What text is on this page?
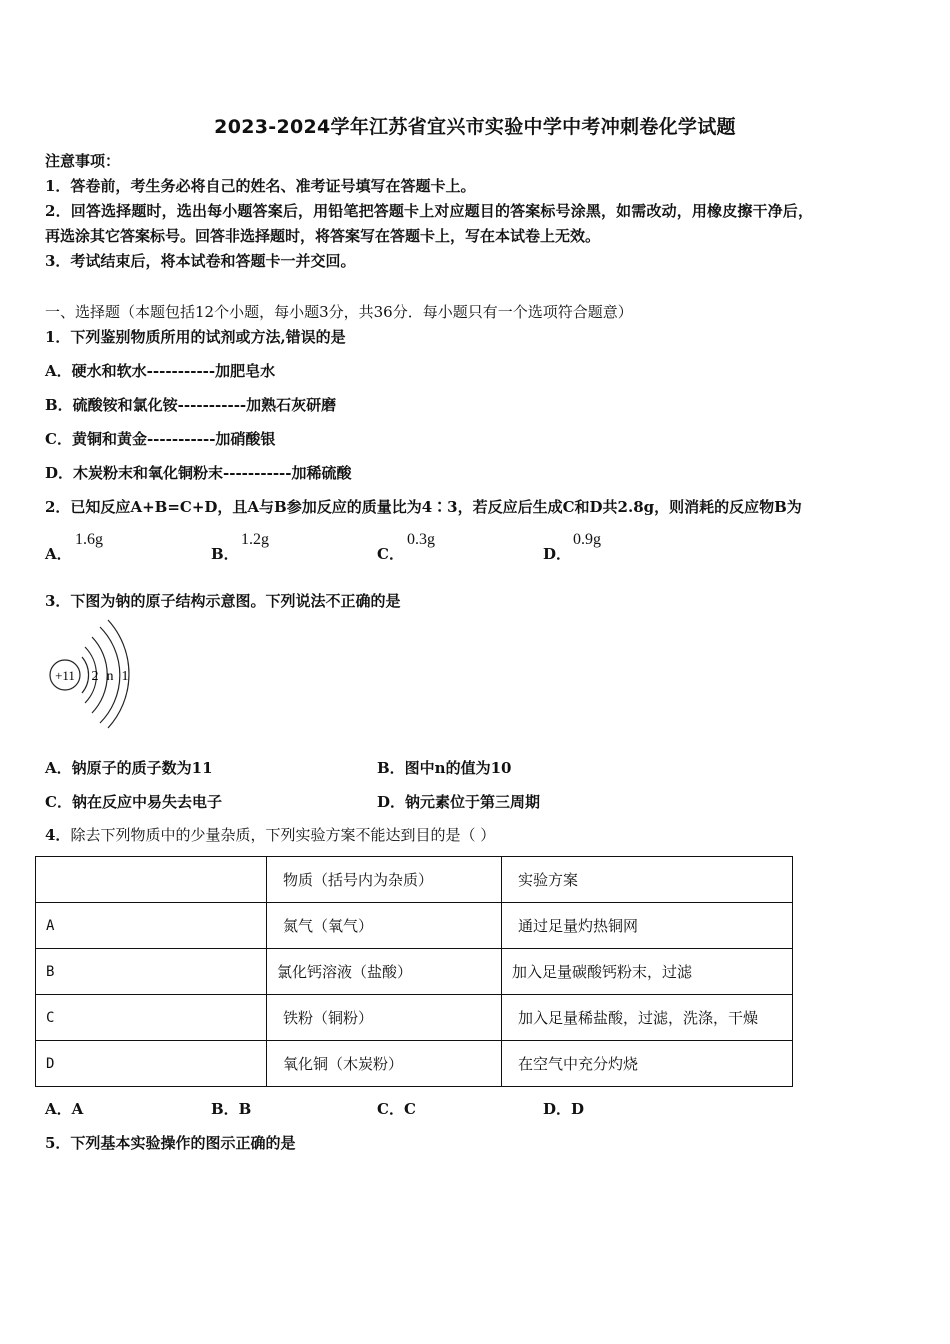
2023-2024学年江苏省宜兴市实验中学中考冲刺卷化学试题
注意事项：
1．答卷前，考生务必将自己的姓名、准考证号填写在答题卡上。
2．回答选择题时，选出每小题答案后，用铅笔把答题卡上对应题目的答案标号涂黑，如需改动，用橡皮擦干净后，
再选涂其它答案标号。回答非选择题时，将答案写在答题卡上，写在本试卷上无效。
3．考试结束后，将本试卷和答题卡一并交回。
一、选择题（本题包括12个小题，每小题3分，共36分．每小题只有一个选项符合题意）
1．下列鉴别物质所用的试剂或方法,错误的是
A．硬水和软水-----------加肥皂水
B．硫酸铵和氯化铵-----------加熟石灰研磨
C．黄铜和黄金-----------加硝酸银
D．木炭粉末和氧化铜粉末-----------加稀硫酸
2．已知反应A+B=C+D，且A与B参加反应的质量比为4∶3，若反应后生成C和D共2.8g，则消耗的反应物B为
A．
1.6g
B．
1.2g
C．
0.3g
D．
0.9g
3．下图为钠的原子结构示意图。下列说法不正确的是
+11 2 n 1
A．钠原子的质子数为11	B．图中n的值为10
C．钠在反应中易失去电子	D．钠元素位于第三周期
4．除去下列物质中的少量杂质，下列实验方案不能达到目的是（ ）
	物质（括号内为杂质）	实验方案
A	氮气（氧气）	通过足量灼热铜网
B	氯化钙溶液（盐酸）	加入足量碳酸钙粉末，过滤
C	铁粉（铜粉）	加入足量稀盐酸，过滤，洗涤，干燥
D	氧化铜（木炭粉）	在空气中充分灼烧
A．A	B．B	C．C	D．D
5．下列基本实验操作的图示正确的是
